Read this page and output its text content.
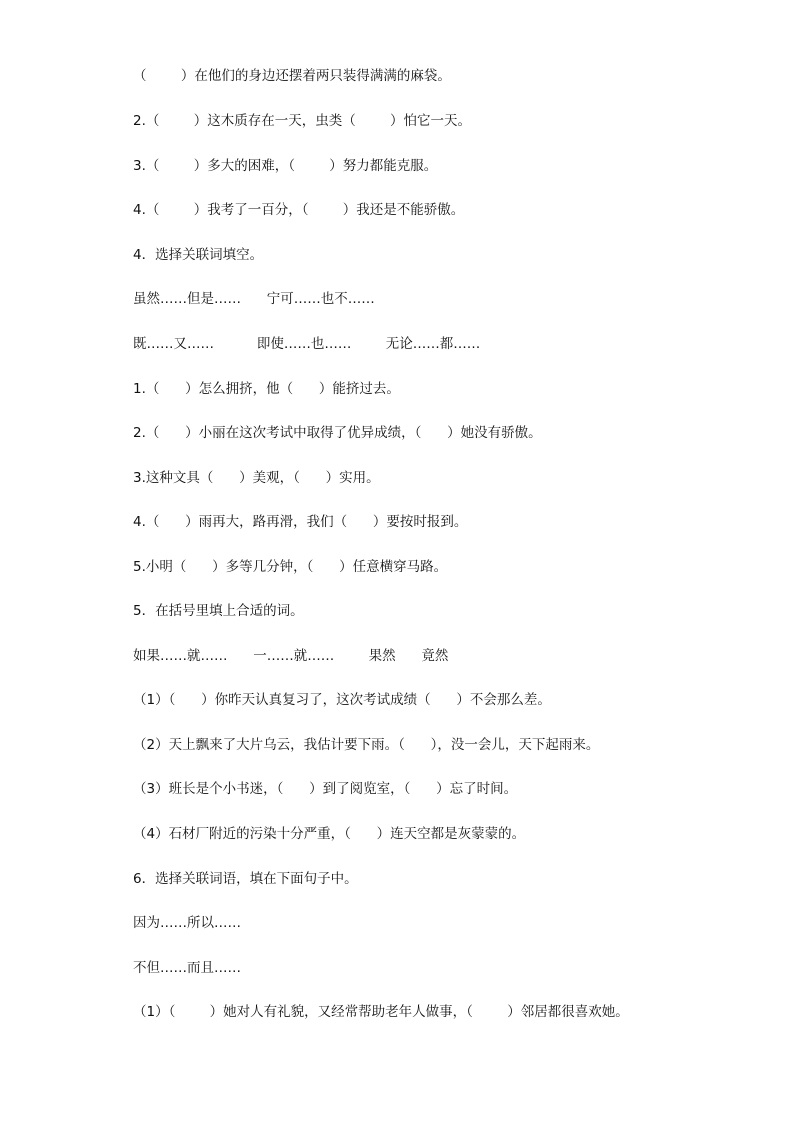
（        ）在他们的身边还摆着两只装得满满的麻袋。
2.（        ）这木质存在一天，虫类（        ）怕它一天。
3.（        ）多大的困难，（        ）努力都能克服。
4.（        ）我考了一百分，（        ）我还是不能骄傲。
4．选择关联词填空。
虽然……但是……      宁可……也不……
既……又……          即使……也……        无论……都……
1.（      ）怎么拥挤，他（      ）能挤过去。
2.（      ）小丽在这次考试中取得了优异成绩，（      ）她没有骄傲。
3.这种文具（      ）美观，（      ）实用。
4.（      ）雨再大，路再滑，我们（      ）要按时报到。
5.小明（      ）多等几分钟，（      ）任意横穿马路。
5．在括号里填上合适的词。
如果……就……      一……就……        果然      竟然
（1）（      ）你昨天认真复习了，这次考试成绩（      ）不会那么差。
（2）天上飘来了大片乌云，我估计要下雨。（      ），没一会儿，天下起雨来。
（3）班长是个小书迷，（      ）到了阅览室，（      ）忘了时间。
（4）石材厂附近的污染十分严重，（      ）连天空都是灰蒙蒙的。
6．选择关联词语，填在下面句子中。
因为……所以……
不但……而且……
（1）（        ）她对人有礼貌，又经常帮助老年人做事，（        ）邻居都很喜欢她。
